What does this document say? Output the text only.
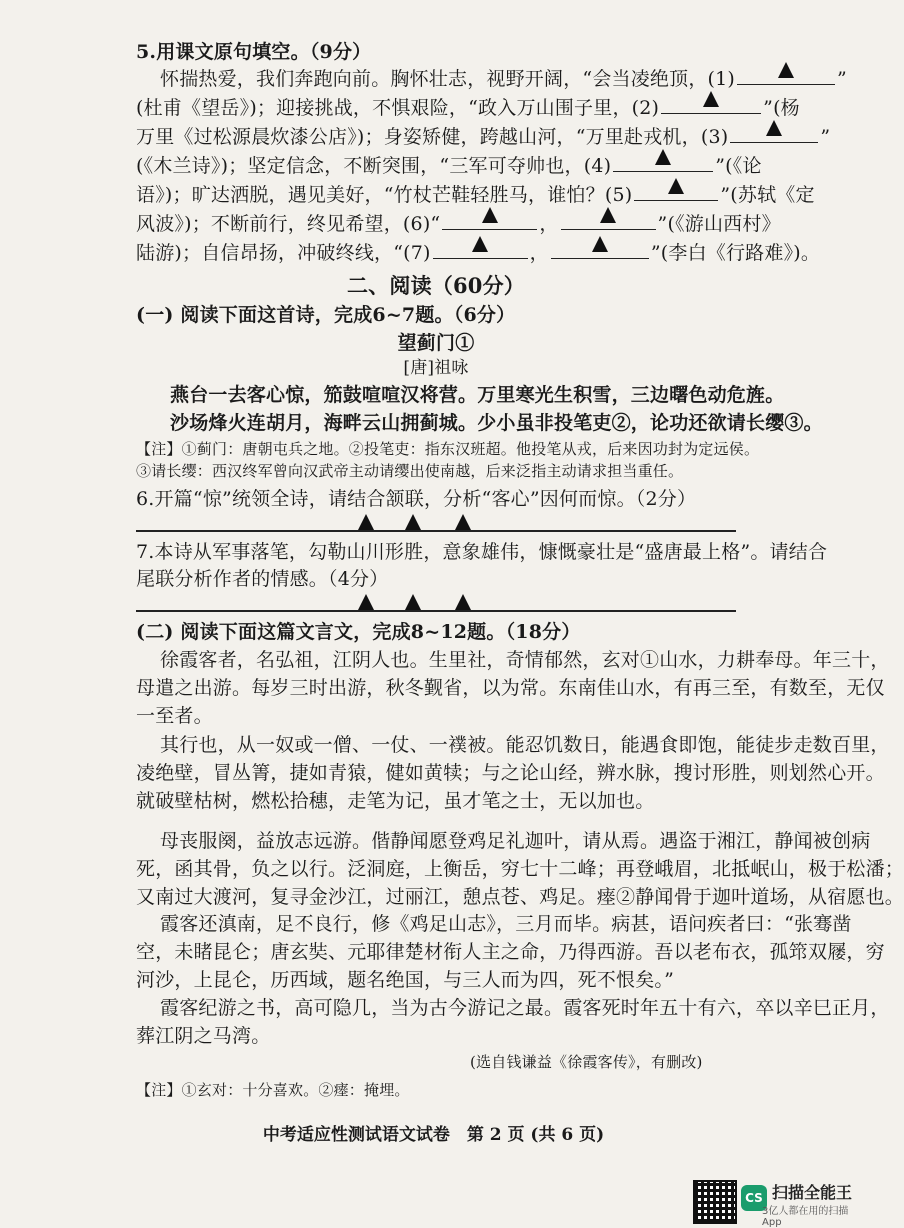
5.用课文原句填空。（9分）
怀揣热爱，我们奔跑向前。胸怀壮志，视野开阔，“会当凌绝顶，(1)	”
(杜甫《望岳》)；迎接挑战，不惧艰险，“政入万山围子里，(2)	”(杨
万里《过松源晨炊漆公店》)；身姿矫健，跨越山河，“万里赴戎机，(3)	”
(《木兰诗》)；坚定信念，不断突围，“三军可夺帅也，(4)	”(《论
语》)；旷达洒脱，遇见美好，“竹杖芒鞋轻胜马，谁怕？(5)	”(苏轼《定
风波》)；不断前行，终见希望，(6)“	，	”(《游山西村》
陆游)；自信昂扬，冲破终线，“(7)	，	”(李白《行路难》)。
二、阅读（60分）
(一) 阅读下面这首诗，完成6~7题。（6分）
望蓟门①
[唐]祖咏
燕台一去客心惊，笳鼓喧喧汉将营。万里寒光生积雪，三边曙色动危旌。
沙场烽火连胡月，海畔云山拥蓟城。少小虽非投笔吏②，论功还欲请长缨③。
【注】①蓟门：唐朝屯兵之地。②投笔吏：指东汉班超。他投笔从戎，后来因功封为定远侯。
③请长缨：西汉终军曾向汉武帝主动请缨出使南越，后来泛指主动请求担当重任。
6.开篇“惊”统领全诗，请结合颔联，分析“客心”因何而惊。（2分）
7.本诗从军事落笔，勾勒山川形胜，意象雄伟，慷慨豪壮是“盛唐最上格”。请结合
尾联分析作者的情感。（4分）
(二) 阅读下面这篇文言文，完成8~12题。（18分）
徐霞客者，名弘祖，江阴人也。生里社，奇情郁然，玄对①山水，力耕奉母。年三十，
母遣之出游。每岁三时出游，秋冬觐省，以为常。东南佳山水，有再三至，有数至，无仅
一至者。
其行也，从一奴或一僧、一仗、一襆被。能忍饥数日，能遇食即饱，能徒步走数百里，
凌绝壁，冒丛箐，捷如青猿，健如黄犊；与之论山经，辨水脉，搜讨形胜，则划然心开。
就破壁枯树，燃松拾穗，走笔为记，虽才笔之士，无以加也。
母丧服阕，益放志远游。偕静闻愿登鸡足礼迦叶，请从焉。遇盗于湘江，静闻被创病
死，函其骨，负之以行。泛洞庭，上衡岳，穷七十二峰；再登峨眉，北抵岷山，极于松潘；
又南过大渡河，复寻金沙江，过丽江，憩点苍、鸡足。瘗②静闻骨于迦叶道场，从宿愿也。
霞客还滇南，足不良行，修《鸡足山志》，三月而毕。病甚，语问疾者曰：“张骞凿
空，未睹昆仑；唐玄奘、元耶律楚材衔人主之命，乃得西游。吾以老布衣，孤筇双屦，穷
河沙，上昆仑，历西域，题名绝国，与三人而为四，死不恨矣。”
霞客纪游之书，高可隐几，当为古今游记之最。霞客死时年五十有六，卒以辛巳正月，
葬江阴之马湾。
(选自钱谦益《徐霞客传》，有删改)
【注】①玄对：十分喜欢。②瘗：掩埋。
中考适应性测试语文试卷　第 2 页 (共 6 页)
CS 扫描全能王
3亿人都在用的扫描App
